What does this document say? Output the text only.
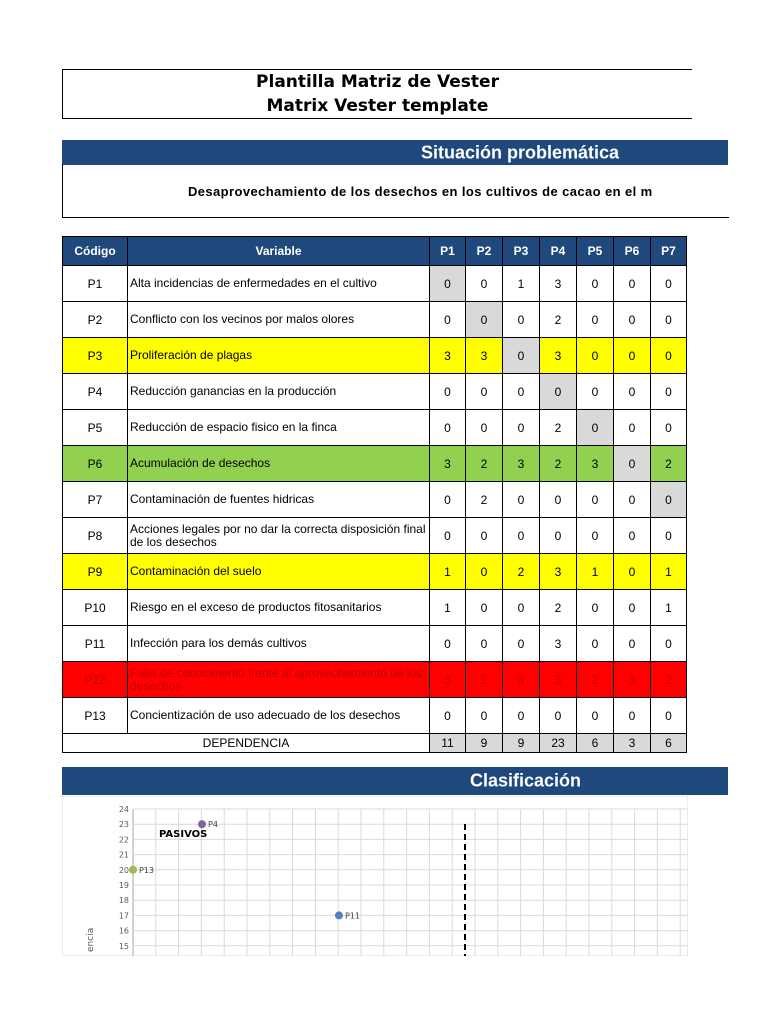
Plantilla Matriz de Vester
Matrix Vester template
Situación problemática
Desaprovechamiento de los desechos en los cultivos de cacao en el m
Código	Variable	P1	P2	P3	P4	P5	P6	P7
P1	Alta incidencias de enfermedades en el cultivo	0	0	1	3	0	0	0
P2	Conflicto con los vecinos por malos olores	0	0	0	2	0	0	0
P3	Proliferación de plagas	3	3	0	3	0	0	0
P4	Reducción ganancias en la producción	0	0	0	0	0	0	0
P5	Reducción de espacio fisico en la finca	0	0	0	2	0	0	0
P6	Acumulación de desechos	3	2	3	2	3	0	2
P7	Contaminación de fuentes hidricas	0	2	0	0	0	0	0
P8	Acciones legales por no dar la correcta disposición final de los desechos	0	0	0	0	0	0	0
P9	Contaminación del suelo	1	0	2	3	1	0	1
P10	Riesgo en el exceso de productos fitosanitarios	1	0	0	2	0	0	1
P11	Infección para los demás cultivos	0	0	0	3	0	0	0
P12	Falta de conocimento frente al aprovechamiento de los desechos	3	2	3	3	2	3	2
P13	Concientización de uso adecuado de los desechos	0	0	0	0	0	0	0
DEPENDENCIA		11	9	9	23	6	3	6
Clasificación
PASIVOS
encia
24
23
22
21
20
19
18
17
16
15
P4
P13
P11
